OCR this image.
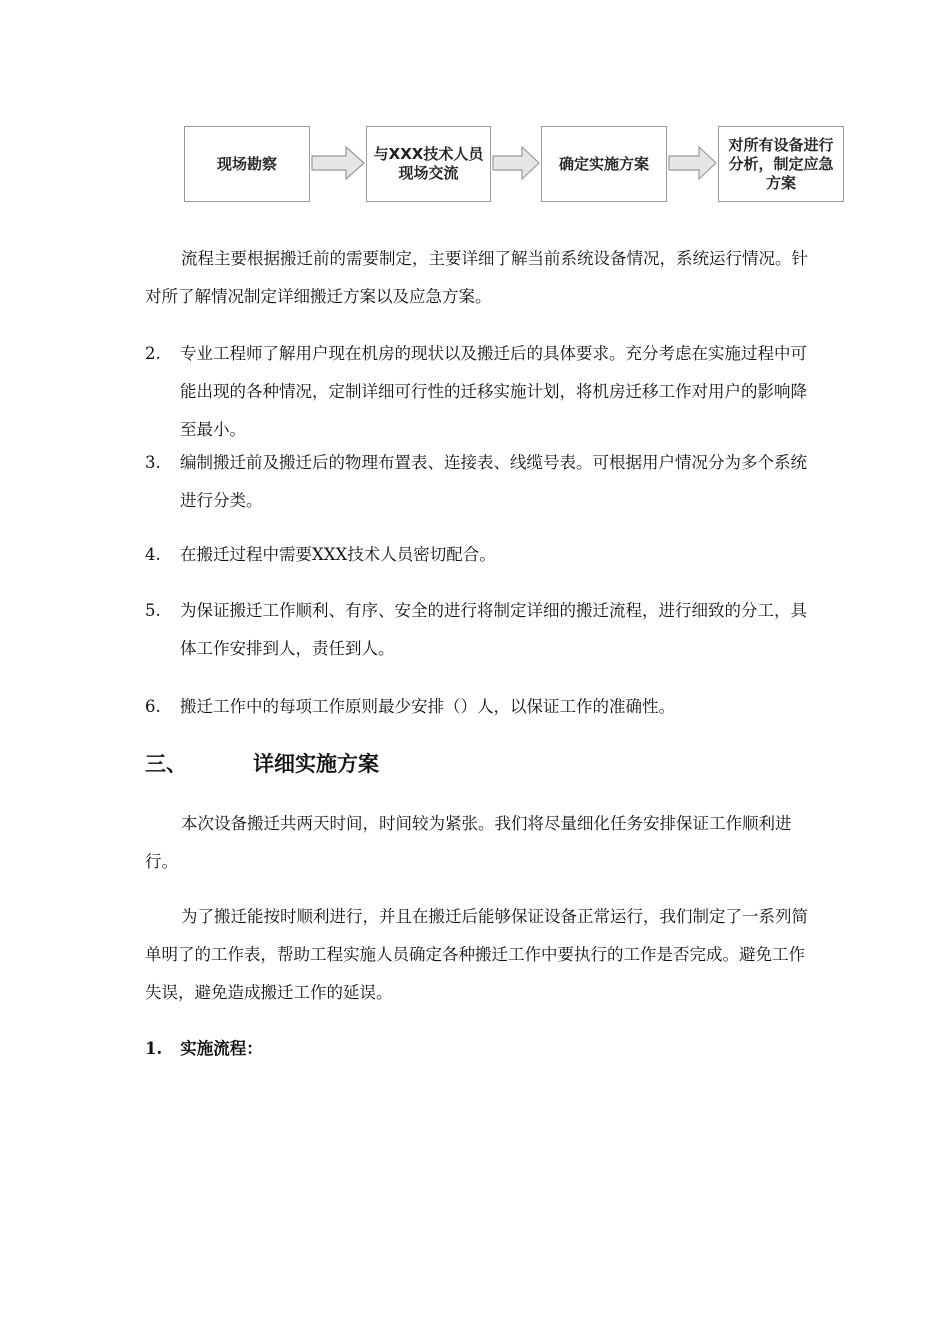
现场勘察
与XXX技术人员
现场交流
确定实施方案
对所有设备进行
分析，制定应急
方案

流程主要根据搬迁前的需要制定，主要详细了解当前系统设备情况，系统运行情况。针对所了解情况制定详细搬迁方案以及应急方案。

2.	专业工程师了解用户现在机房的现状以及搬迁后的具体要求。充分考虑在实施过程中可能出现的各种情况，定制详细可行性的迁移实施计划，将机房迁移工作对用户的影响降至最小。
3.	编制搬迁前及搬迁后的物理布置表、连接表、线缆号表。可根据用户情况分为多个系统进行分类。
4.	在搬迁过程中需要XXX技术人员密切配合。
5.	为保证搬迁工作顺利、有序、安全的进行将制定详细的搬迁流程，进行细致的分工，具体工作安排到人，责任到人。
6.	搬迁工作中的每项工作原则最少安排（）人，以保证工作的准确性。
三、	详细实施方案

本次设备搬迁共两天时间，时间较为紧张。我们将尽量细化任务安排保证工作顺利进行。

为了搬迁能按时顺利进行，并且在搬迁后能够保证设备正常运行，我们制定了一系列简单明了的工作表，帮助工程实施人员确定各种搬迁工作中要执行的工作是否完成。避免工作失误，避免造成搬迁工作的延误。

1. 实施流程：
